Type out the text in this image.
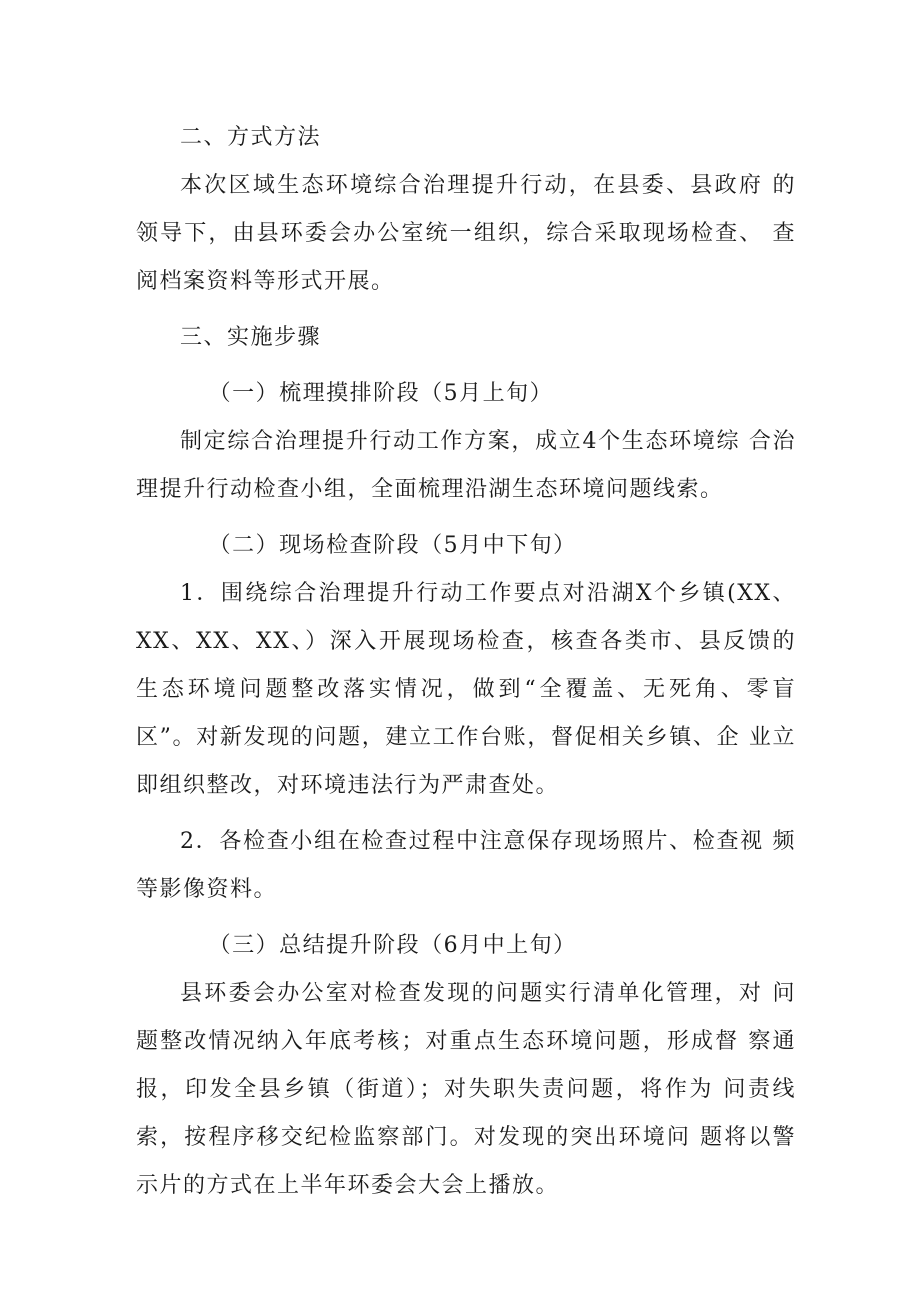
二、方式方法

本次区域生态环境综合治理提升行动，在县委、县政府 的领导下，由县环委会办公室统一组织，综合采取现场检查、 查阅档案资料等形式开展。

三、实施步骤

（一）梳理摸排阶段（5月上旬）

制定综合治理提升行动工作方案，成立4个生态环境综 合治理提升行动检查小组，全面梳理沿湖生态环境问题线索。

（二）现场检查阶段（5月中下旬）

1．围绕综合治理提升行动工作要点对沿湖X个乡镇(XX、 XX、XX、XX、）深入开展现场检查，核查各类市、县反馈的 生态环境问题整改落实情况，做到“全覆盖、无死角、零盲 区”。对新发现的问题，建立工作台账，督促相关乡镇、企 业立即组织整改，对环境违法行为严肃查处。

2．各检查小组在检查过程中注意保存现场照片、检查视 频等影像资料。

（三）总结提升阶段（6月中上旬）

县环委会办公室对检查发现的问题实行清单化管理，对 问题整改情况纳入年底考核；对重点生态环境问题，形成督 察通报，印发全县乡镇（街道）；对失职失责问题，将作为 问责线索，按程序移交纪检监察部门。对发现的突出环境问 题将以警示片的方式在上半年环委会大会上播放。
